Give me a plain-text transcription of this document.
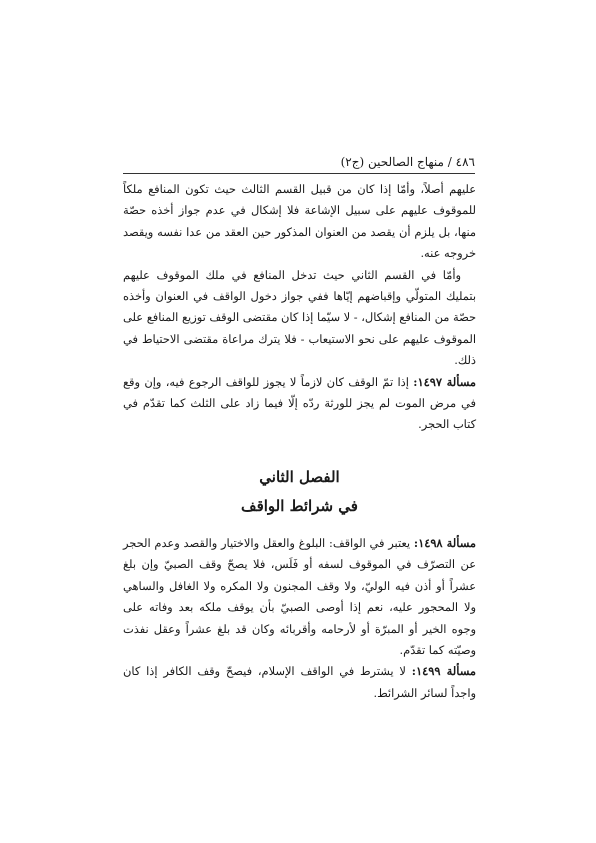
٤٨٦ / منهاج الصالحين (ج٢)

عليهم أصلاً، وأمّا إذا كان من قبيل القسم الثالث حيث تكون المنافع ملكاً للموقوف عليهم على سبيل الإشاعة فلا إشكال في عدم جواز أخذه حصّة منها، بل يلزم أن يقصد من العنوان المذكور حين العقد من عدا نفسه ويقصد خروجه عنه.

وأمّا في القسم الثاني حيث تدخل المنافع في ملك الموقوف عليهم بتمليك المتولّي وإقباضهم إيّاها ففي جواز دخول الواقف في العنوان وأخذه حصّة من المنافع إشكال، - لا سيّما إذا كان مقتضى الوقف توزيع المنافع على الموقوف عليهم على نحو الاستيعاب - فلا يترك مراعاة مقتضى الاحتياط في ذلك.

مسألة ١٤٩٧: إذا تمّ الوقف كان لازماً لا يجوز للواقف الرجوع فيه، وإن وقع في مرض الموت لم يجز للورثة ردّه إلّا فيما زاد على الثلث كما تقدّم في كتاب الحجر.

الفصل الثاني

في شرائط الواقف

مسألة ١٤٩٨: يعتبر في الواقف: البلوغ والعقل والاختيار والقصد وعدم الحجر عن التصرّف في الموقوف لسفه أو فَلَس، فلا يصحّ وقف الصبيّ وإن بلغ عشراً أو أذن فيه الوليّ، ولا وقف المجنون ولا المكره ولا الغافل والساهي ولا المحجور عليه، نعم إذا أوصى الصبيّ بأن يوقف ملكه بعد وفاته على وجوه الخير أو المبرّة أو لأرحامه وأقربائه وكان قد بلغ عشراً وعقل نفذت وصيّته كما تقدّم.

مسألة ١٤٩٩: لا يشترط في الواقف الإسلام، فيصحّ وقف الكافر إذا كان واجداً لسائر الشرائط.
